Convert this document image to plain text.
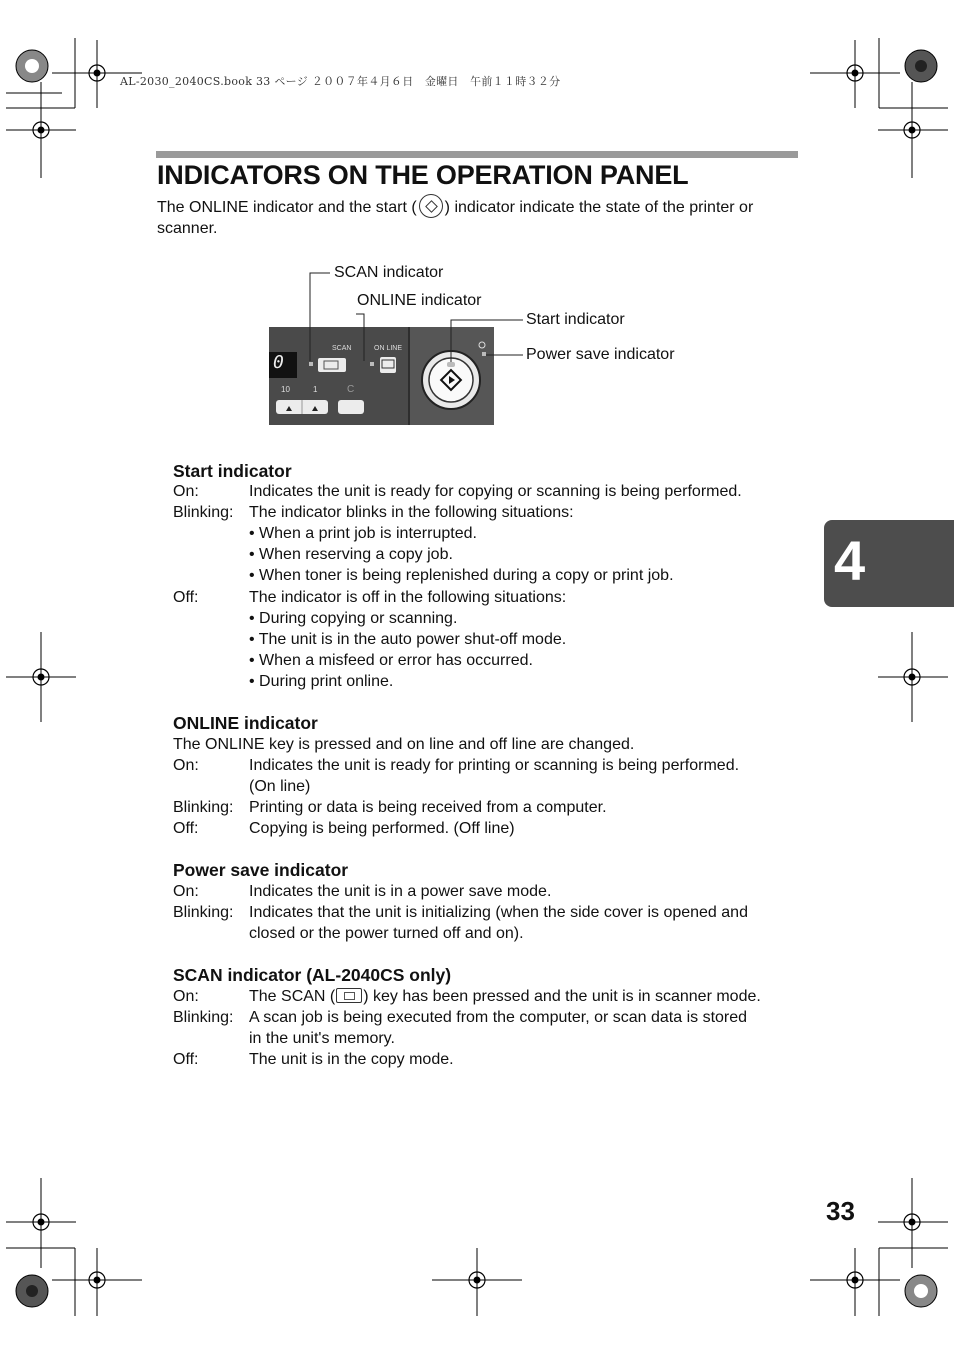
AL-2030_2040CS.book 33 ページ ２００７年４月６日　金曜日　午前１１時３２分
INDICATORS ON THE OPERATION PANEL

The ONLINE indicator and the start ( ) indicator indicate the state of the printer or scanner.

0
SCAN	ON LINE
10	1	C
SCAN indicator
ONLINE indicator
Start indicator
Power save indicator
Start indicator
On:	Indicates the unit is ready for copying or scanning is being performed.
Blinking: The indicator blinks in the following situations:
• When a print job is interrupted.
• When reserving a copy job.
• When toner is being replenished during a copy or print job.
Off:	The indicator is off in the following situations:
• During copying or scanning.
• The unit is in the auto power shut-off mode.
• When a misfeed or error has occurred.
• During print online.
ONLINE indicator
The ONLINE key is pressed and on line and off line are changed.
On:	Indicates the unit is ready for printing or scanning is being performed.
(On line)
Blinking: Printing or data is being received from a computer.
Off:	Copying is being performed. (Off line)
Power save indicator
On:	Indicates the unit is in a power save mode.
Blinking: Indicates that the unit is initializing (when the side cover is opened and
closed or the power turned off and on).
SCAN indicator (AL-2040CS only)
On:	The SCAN ( ) key has been pressed and the unit is in scanner mode.
Blinking: A scan job is being executed from the computer, or scan data is stored
in the unit's memory.
Off:	The unit is in the copy mode.
4
33
